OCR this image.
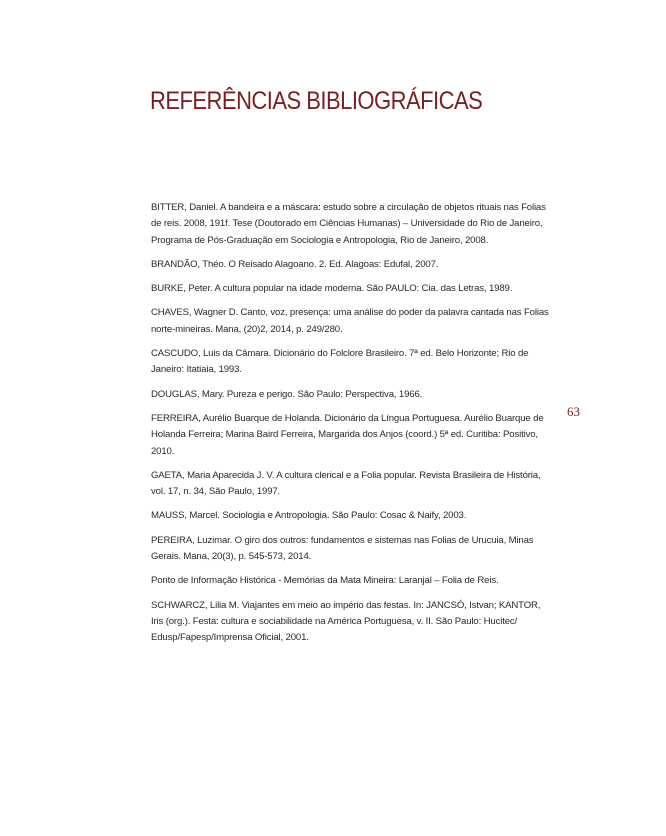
REFERÊNCIAS BIBLIOGRÁFICAS

BITTER, Daniel. A bandeira e a máscara: estudo sobre a circulação de objetos rituais nas Folias de reis. 2008, 191f. Tese (Doutorado em Ciências Humanas) – Universidade do Rio de Janeiro, Programa de Pós-Graduação em Sociologia e Antropologia, Rio de Janeiro, 2008.

BRANDÃO, Théo. O Reisado Alagoano. 2. Ed. Alagoas: Edufal, 2007.

BURKE, Peter. A cultura popular na idade moderna. São PAULO: Cia. das Letras, 1989.

CHAVES, Wagner D. Canto, voz, presença: uma análise do poder da palavra cantada nas Folias norte-mineiras. Mana, (20)2, 2014, p. 249/280.

CASCUDO, Luis da Câmara. Dicionário do Folclore Brasileiro. 7ª ed. Belo Horizonte; Rio de Janeiro: Itatiaia, 1993.

DOUGLAS, Mary. Pureza e perigo. São Paulo: Perspectiva, 1966.

FERREIRA, Aurélio Buarque de Holanda. Dicionário da Língua Portuguesa. Aurélio Buarque de Holanda Ferreira; Marina Baird Ferreira, Margarida dos Anjos (coord.) 5ª ed. Curitiba: Positivo, 2010.

GAETA, Maria Aparecida J. V. A cultura clerical e a Folia popular. Revista Brasileira de História, vol. 17, n. 34, São Paulo, 1997.

MAUSS, Marcel. Sociologia e Antropologia. São Paulo: Cosac & Naify, 2003.

PEREIRA, Luzimar. O giro dos outros: fundamentos e sistemas nas Folias de Urucuia, Minas Gerais. Mana, 20(3), p. 545-573, 2014.

Ponto de Informação Histórica - Memórias da Mata Mineira: Laranjal – Folia de Reis.

SCHWARCZ, Lilia M. Viajantes em meio ao império das festas. In: JANCSÓ, Istvan; KANTOR, Iris (org.). Festa: cultura e sociabilidade na América Portuguesa, v. II. São Paulo: Hucitec/ Edusp/Fapesp/Imprensa Oficial, 2001.

63
